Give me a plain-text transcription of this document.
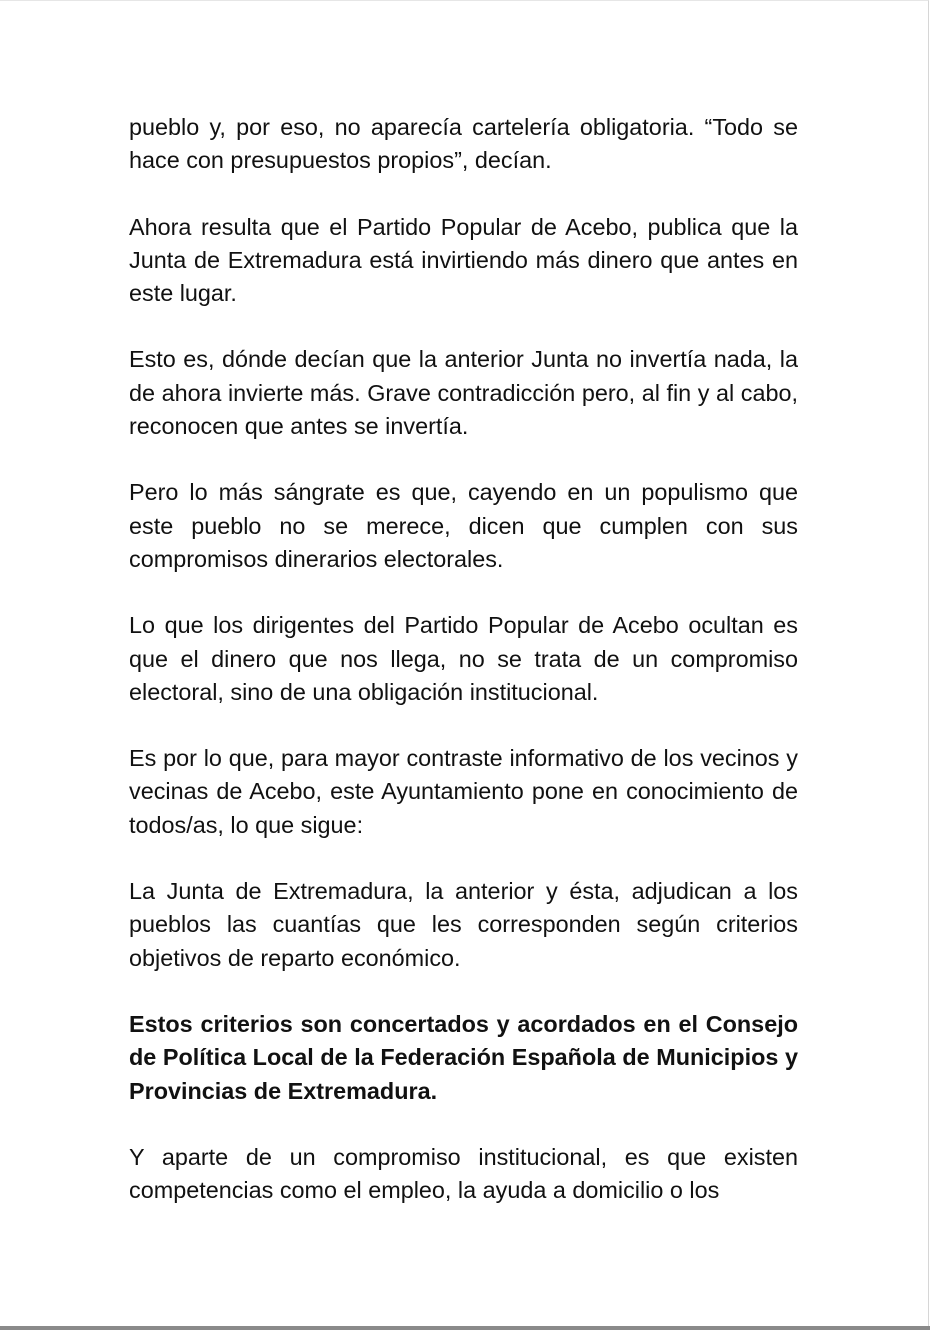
pueblo y, por eso, no aparecía cartelería obligatoria. “Todo se hace con presupuestos propios”, decían.

Ahora resulta que el Partido Popular de Acebo, publica que la Junta de Extremadura está invirtiendo más dinero que antes en este lugar.

Esto es, dónde decían que la anterior Junta no invertía nada, la de ahora invierte más. Grave contradicción pero, al fin y al cabo, reconocen que antes se invertía.

Pero lo más sángrate es que, cayendo en un populismo que este pueblo no se merece, dicen que cumplen con sus compromisos dinerarios electorales.

Lo que los dirigentes del Partido Popular de Acebo ocultan es que el dinero que nos llega, no se trata de un compromiso electoral, sino de una obligación institucional.

Es por lo que, para mayor contraste informativo de los vecinos y vecinas de Acebo, este Ayuntamiento pone en conocimiento de todos/as, lo que sigue:

La Junta de Extremadura, la anterior y ésta, adjudican a los pueblos las cuantías que les corresponden según criterios objetivos de reparto económico.

Estos criterios son concertados y acordados en el Consejo de Política Local de la Federación Española de Municipios y Provincias de Extremadura.

Y aparte de un compromiso institucional, es que existen competencias como el empleo, la ayuda a domicilio o los
